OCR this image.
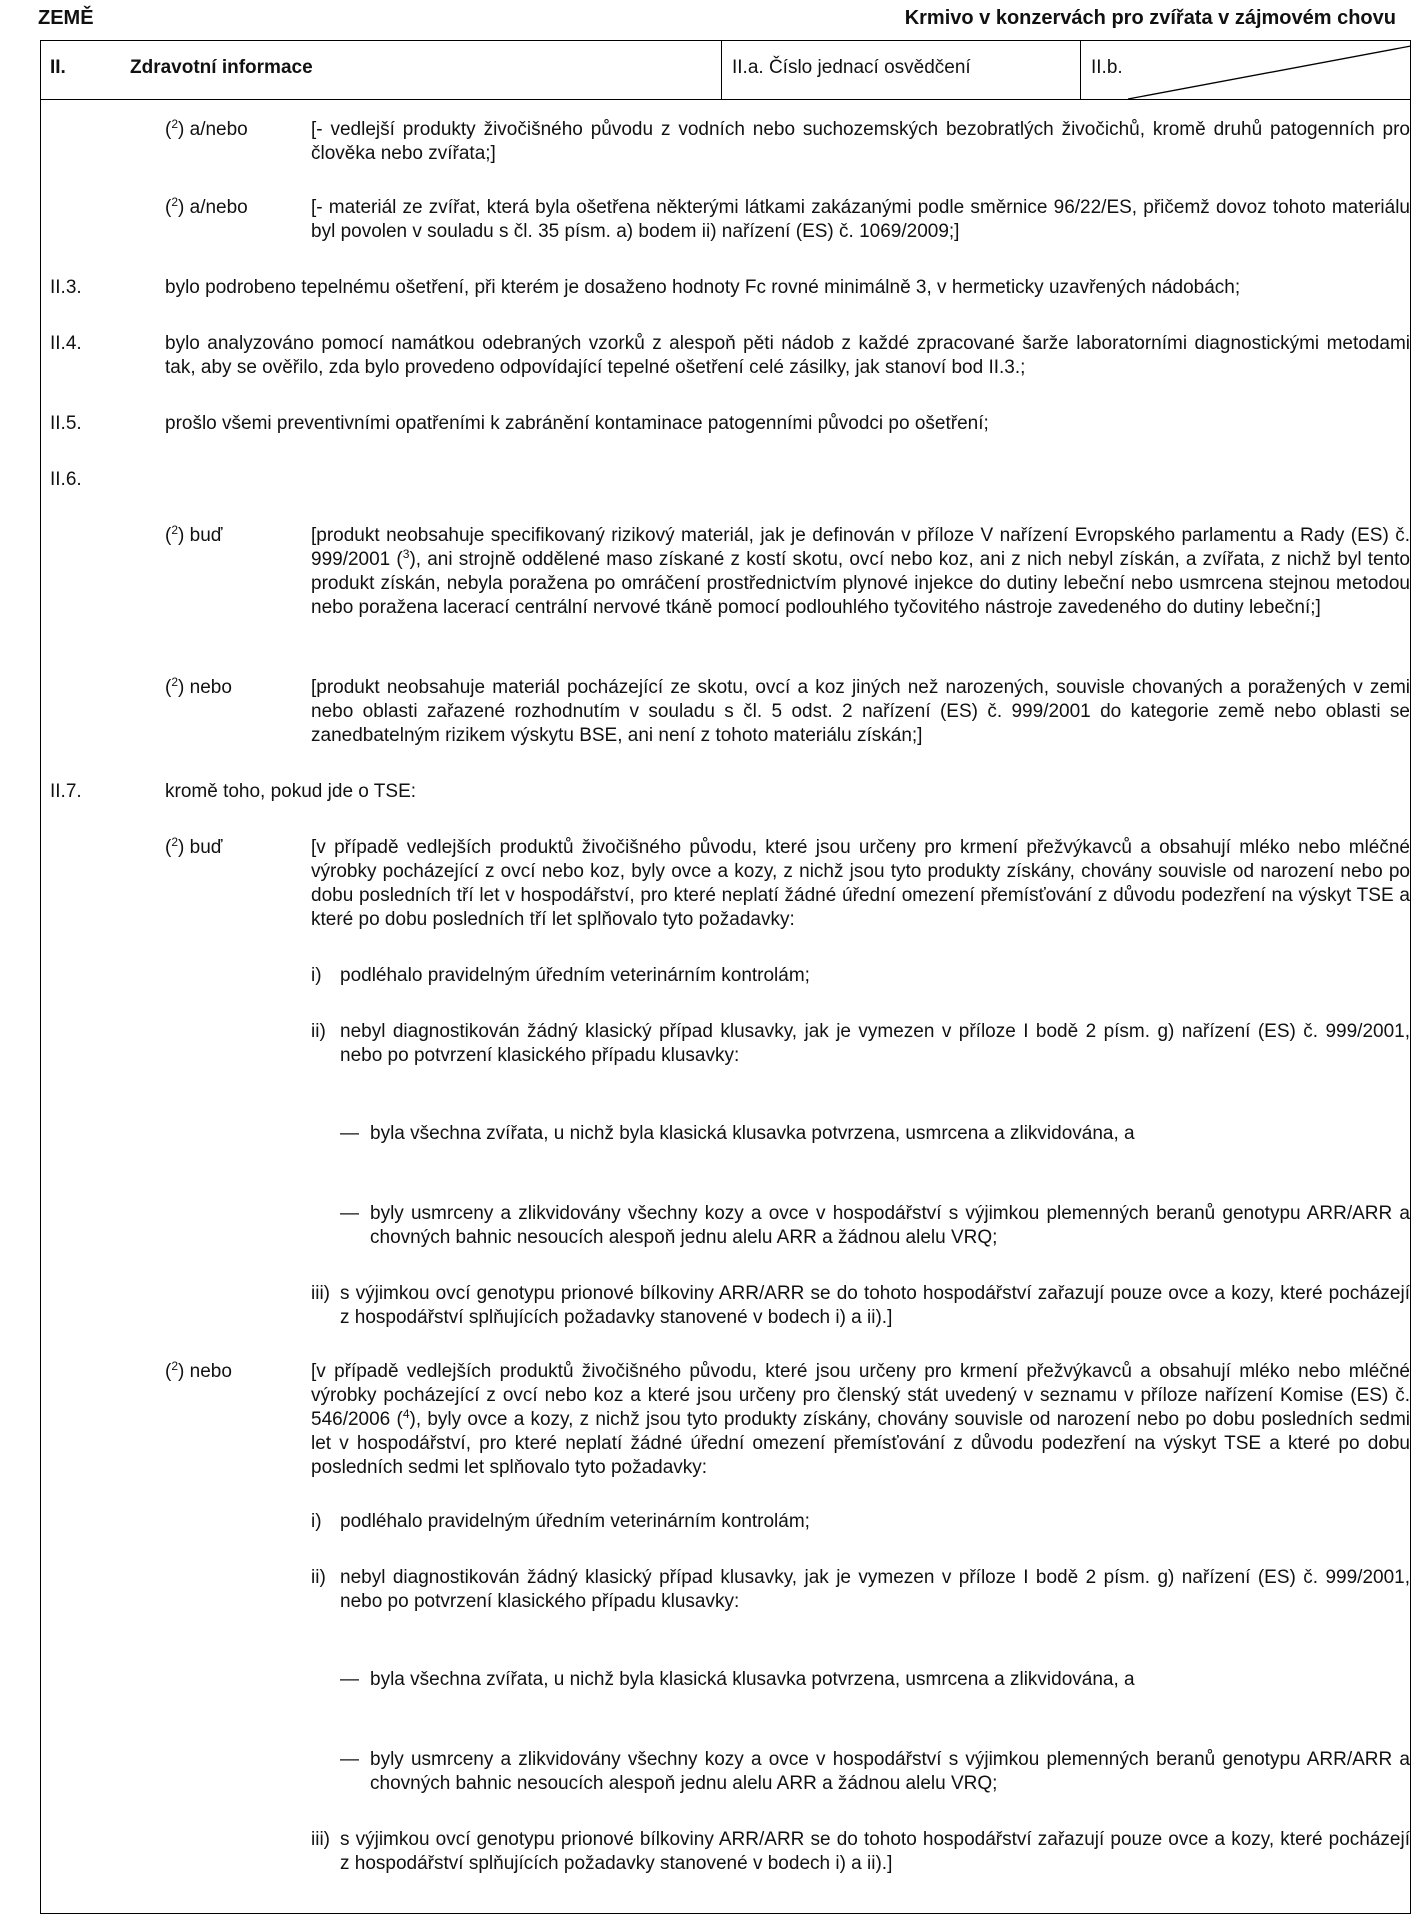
ZEMĚ	Krmivo v konzervách pro zvířata v zájmovém chovu
II.	Zdravotní informace	II.a. Číslo jednací osvědčení	II.b.
($^2$) a/nebo	[- vedlejší produkty živočišného původu z vodních nebo suchozemských bezobratlých živočichů, kromě druhů patogenních pro člověka nebo zvířata;]
($^2$) a/nebo	[- materiál ze zvířat, která byla ošetřena některými látkami zakázanými podle směrnice 96/22/ES, přičemž dovoz tohoto materiálu byl povolen v souladu s čl. 35 písm. a) bodem ii) nařízení (ES) č. 1069/2009;]
II.3.	bylo podrobeno tepelnému ošetření, při kterém je dosaženo hodnoty Fc rovné minimálně 3, v hermeticky uzavřených nádobách;
II.4.	bylo analyzováno pomocí namátkou odebraných vzorků z alespoň pěti nádob z každé zpracované šarže laboratorními diagnostickými metodami tak, aby se ověřilo, zda bylo provedeno odpovídající tepelné ošetření celé zásilky, jak stanoví bod II.3.;
II.5.	prošlo všemi preventivními opatřeními k zabránění kontaminace patogenními původci po ošetření;
II.6.
($^2$) buď	[produkt neobsahuje specifikovaný rizikový materiál, jak je definován v příloze V nařízení Evropského parlamentu a Rady (ES) č. 999/2001 ($^3$), ani strojně oddělené maso získané z kostí skotu, ovcí nebo koz, ani z nich nebyl získán, a zvířata, z nichž byl tento produkt získán, nebyla poražena po omráčení prostřednictvím plynové injekce do dutiny lebeční nebo usmrcena stejnou metodou nebo poražena lacerací centrální nervové tkáně pomocí podlouhlého tyčovitého nástroje zavedeného do dutiny lebeční;]
($^2$) nebo	[produkt neobsahuje materiál pocházející ze skotu, ovcí a koz jiných než narozených, souvisle chovaných a poražených v zemi nebo oblasti zařazené rozhodnutím v souladu s čl. 5 odst. 2 nařízení (ES) č. 999/2001 do kategorie země nebo oblasti se zanedbatelným rizikem výskytu BSE, ani není z tohoto materiálu získán;]
II.7.	kromě toho, pokud jde o TSE:
($^2$) buď	[v případě vedlejších produktů živočišného původu, které jsou určeny pro krmení přežvýkavců a obsahují mléko nebo mléčné výrobky pocházející z ovcí nebo koz, byly ovce a kozy, z nichž jsou tyto produkty získány, chovány souvisle od narození nebo po dobu posledních tří let v hospodářství, pro které neplatí žádné úřední omezení přemísťování z důvodu podezření na výskyt TSE a které po dobu posledních tří let splňovalo tyto požadavky:
i) podléhalo pravidelným úředním veterinárním kontrolám;
ii) nebyl diagnostikován žádný klasický případ klusavky, jak je vymezen v příloze I bodě 2 písm. g) nařízení (ES) č. 999/2001, nebo po potvrzení klasického případu klusavky:
— byla všechna zvířata, u nichž byla klasická klusavka potvrzena, usmrcena a zlikvidována, a
— byly usmrceny a zlikvidovány všechny kozy a ovce v hospodářství s výjimkou plemenných beranů genotypu ARR/ARR a chovných bahnic nesoucích alespoň jednu alelu ARR a žádnou alelu VRQ;
iii) s výjimkou ovcí genotypu prionové bílkoviny ARR/ARR se do tohoto hospodářství zařazují pouze ovce a kozy, které pocházejí z hospodářství splňujících požadavky stanovené v bodech i) a ii).]
($^2$) nebo	[v případě vedlejších produktů živočišného původu, které jsou určeny pro krmení přežvýkavců a obsahují mléko nebo mléčné výrobky pocházející z ovcí nebo koz a které jsou určeny pro členský stát uvedený v seznamu v příloze nařízení Komise (ES) č. 546/2006 ($^4$), byly ovce a kozy, z nichž jsou tyto produkty získány, chovány souvisle od narození nebo po dobu posledních sedmi let v hospodářství, pro které neplatí žádné úřední omezení přemísťování z důvodu podezření na výskyt TSE a které po dobu posledních sedmi let splňovalo tyto požadavky:
i) podléhalo pravidelným úředním veterinárním kontrolám;
ii) nebyl diagnostikován žádný klasický případ klusavky, jak je vymezen v příloze I bodě 2 písm. g) nařízení (ES) č. 999/2001, nebo po potvrzení klasického případu klusavky:
— byla všechna zvířata, u nichž byla klasická klusavka potvrzena, usmrcena a zlikvidována, a
— byly usmrceny a zlikvidovány všechny kozy a ovce v hospodářství s výjimkou plemenných beranů genotypu ARR/ARR a chovných bahnic nesoucích alespoň jednu alelu ARR a žádnou alelu VRQ;
iii) s výjimkou ovcí genotypu prionové bílkoviny ARR/ARR se do tohoto hospodářství zařazují pouze ovce a kozy, které pocházejí z hospodářství splňujících požadavky stanovené v bodech i) a ii).]
